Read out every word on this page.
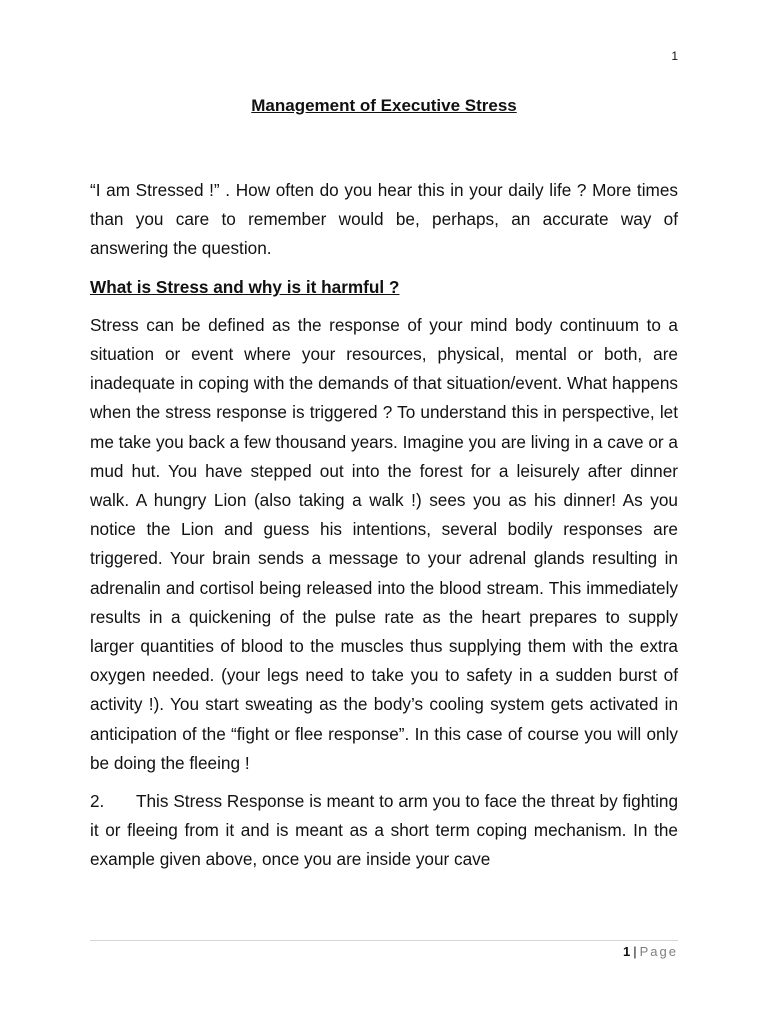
1
Management of Executive Stress

“I am Stressed !” . How often do you hear this in your daily life ? More times than you care to remember would be, perhaps, an accurate way of answering the question.

What is Stress and why is it harmful ?

Stress can be defined as the response of your mind body continuum to a situation or event where your resources, physical, mental or both, are inadequate in coping with the demands of that situation/event. What happens when the stress response is triggered ? To understand this in perspective, let me take you back a few thousand years. Imagine you are living in a cave or a mud hut. You have stepped out into the forest for a leisurely after dinner walk. A hungry Lion (also taking a walk !) sees you as his dinner! As you notice the Lion and guess his intentions, several bodily responses are triggered. Your brain sends a message to your adrenal glands resulting in adrenalin and cortisol being released into the blood stream. This immediately results in a quickening of the pulse rate as the heart prepares to supply larger quantities of blood to the muscles thus supplying them with the extra oxygen needed. (your legs need to take you to safety in a sudden burst of activity !). You start sweating as the body’s cooling system gets activated in anticipation of the “fight or flee response”. In this case of course you will only be doing the fleeing !

2. This Stress Response is meant to arm you to face the threat by fighting it or fleeing from it and is meant as a short term coping mechanism. In the example given above, once you are inside your cave

1 | Page
